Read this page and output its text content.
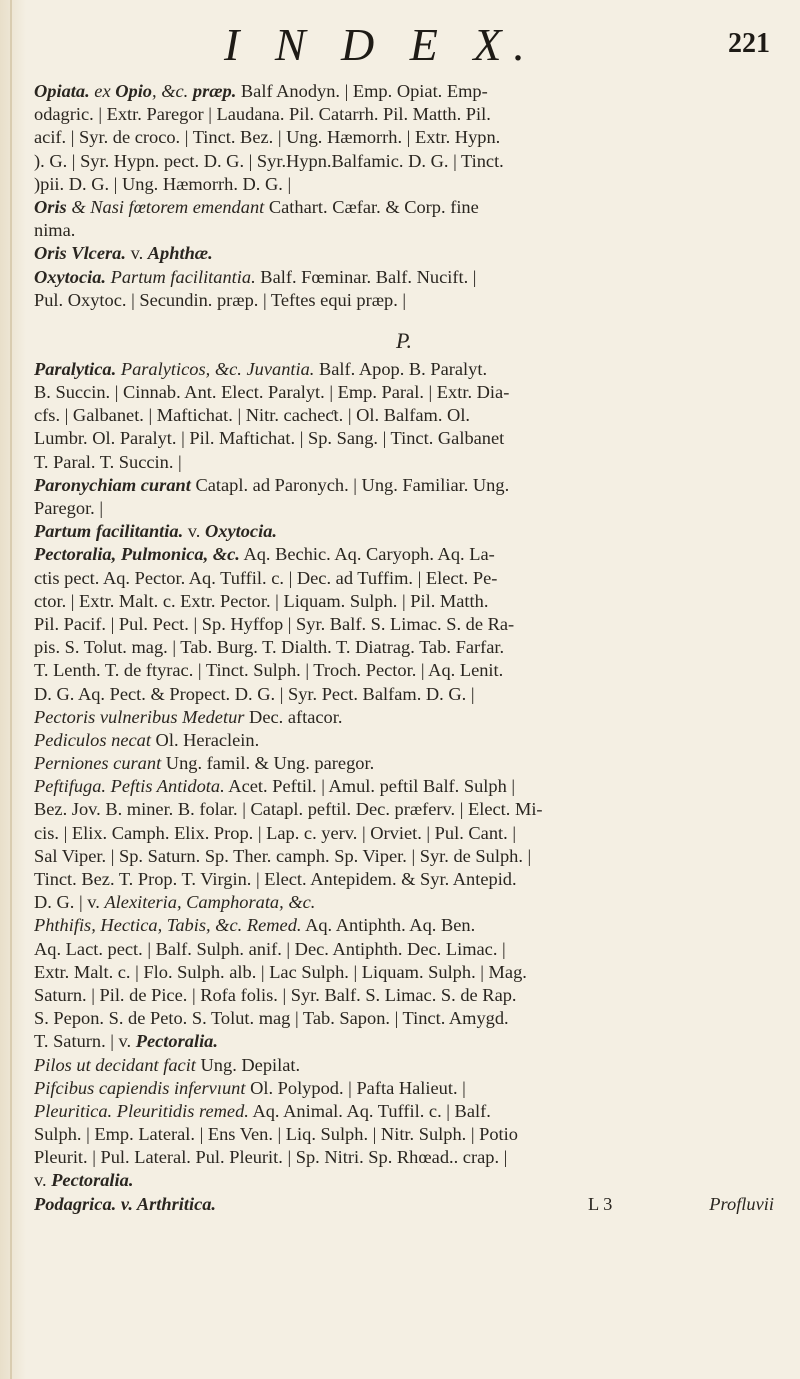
I N D E X.	221
Opiata. ex Opio, &c. præp. Balf Anodyn. | Emp. Opiat. Emp-
odagric. | Extr. Paregor | Laudana. Pil. Catarrh. Pil. Matth. Pil.
acif. | Syr. de croco. | Tinct. Bez. | Ung. Hæmorrh. | Extr. Hypn.
). G. | Syr. Hypn. pect. D. G. | Syr.Hypn.Balfamic. D. G. | Tinct.
)pii. D. G. | Ung. Hæmorrh. D. G. |
Oris & Nasi fœtorem emendant Cathart. Cæfar. & Corp. fine
nima.
Oris Vlcera. v. Aphthæ.
Oxytocia. Partum facilitantia. Balf. Fœminar. Balf. Nucift. |
Pul. Oxytoc. | Secundin. præp. | Teftes equi præp. |
P.
Paralytica. Paralyticos, &c. Juvantia. Balf. Apop. B. Paralyt.
B. Succin. | Cinnab. Ant. Elect. Paralyt. | Emp. Paral. | Extr. Dia-
cfs. | Galbanet. | Maftichat. | Nitr. cacheƈt. | Ol. Balfam. Ol.
Lumbr. Ol. Paralyt. | Pil. Maftichat. | Sp. Sang. | Tinct. Galbanet
T. Paral. T. Succin. |
Paronychiam curant Catapl. ad Paronych. | Ung. Familiar. Ung.
Paregor. |
Partum facilitantia. v. Oxytocia.
Pectoralia, Pulmonica, &c. Aq. Bechic. Aq. Caryoph. Aq. La-
ctis pect. Aq. Pector. Aq. Tuffil. c. | Dec. ad Tuffim. | Elect. Pe-
ctor. | Extr. Malt. c. Extr. Pector. | Liquam. Sulph. | Pil. Matth.
Pil. Pacif. | Pul. Pect. | Sp. Hyffop | Syr. Balf. S. Limac. S. de Ra-
pis. S. Tolut. mag. | Tab. Burg. T. Dialth. T. Diatrag. Tab. Farfar.
T. Lenth. T. de ftyrac. | Tinct. Sulph. | Troch. Pector. | Aq. Lenit.
D. G. Aq. Pect. & Propect. D. G. | Syr. Pect. Balfam. D. G. |
Pectoris vulneribus Medetur Dec. aftacor.
Pediculos necat Ol. Heraclein.
Perniones curant Ung. famil. & Ung. paregor.
Peftifuga. Peftis Antidota. Acet. Peftil. | Amul. peftil Balf. Sulph |
Bez. Jov. B. miner. B. folar. | Catapl. peftil. Dec. præferv. | Elect. Mi-
cis. | Elix. Camph. Elix. Prop. | Lap. c. yerv. | Orviet. | Pul. Cant. |
Sal Viper. | Sp. Saturn. Sp. Ther. camph. Sp. Viper. | Syr. de Sulph. |
Tinct. Bez. T. Prop. T. Virgin. | Elect. Antepidem. & Syr. Antepid.
D. G. | v. Alexiteria, Camphorata, &c.
Phthifis, Hectica, Tabis, &c. Remed. Aq. Antiphth. Aq. Ben.
Aq. Lact. pect. | Balf. Sulph. anif. | Dec. Antiphth. Dec. Limac. |
Extr. Malt. c. | Flo. Sulph. alb. | Lac Sulph. | Liquam. Sulph. | Mag.
Saturn. | Pil. de Pice. | Rofa folis. | Syr. Balf. S. Limac. S. de Rap.
S. Pepon. S. de Peto. S. Tolut. mag | Tab. Sapon. | Tinct. Amygd.
T. Saturn. | v. Pectoralia.
Pilos ut decidant facit Ung. Depilat.
Pifcibus capiendis infervıunt Ol. Polypod. | Pafta Halieut. |
Pleuritica. Pleuritidis remed. Aq. Animal. Aq. Tuffil. c. | Balf.
Sulph. | Emp. Lateral. | Ens Ven. | Liq. Sulph. | Nitr. Sulph. | Potio
Pleurit. | Pul. Lateral. Pul. Pleurit. | Sp. Nitri. Sp. Rhœad.. crap. |
v. Pectoralia.
Podagrica. v. Arthritica.	L 3	Profluvii
